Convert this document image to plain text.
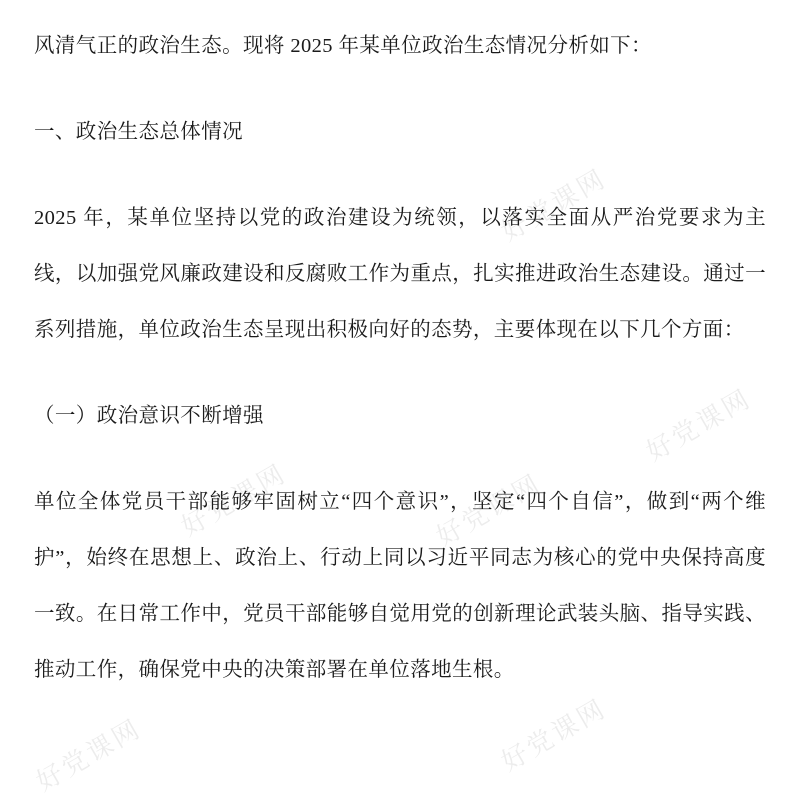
好党课网
好党课网
好党课网	好党课网
好党课网
好党课网

风清气正的政治生态。现将 2025 年某单位政治生态情况分析如下：

一、政治生态总体情况

2025 年，某单位坚持以党的政治建设为统领，以落实全面从严治党要求为主线，以加强党风廉政建设和反腐败工作为重点，扎实推进政治生态建设。通过一系列措施，单位政治生态呈现出积极向好的态势，主要体现在以下几个方面：

（一）政治意识不断增强

单位全体党员干部能够牢固树立“四个意识”，坚定“四个自信”，做到“两个维护”，始终在思想上、政治上、行动上同以习近平同志为核心的党中央保持高度一致。在日常工作中，党员干部能够自觉用党的创新理论武装头脑、指导实践、推动工作，确保党中央的决策部署在单位落地生根。
